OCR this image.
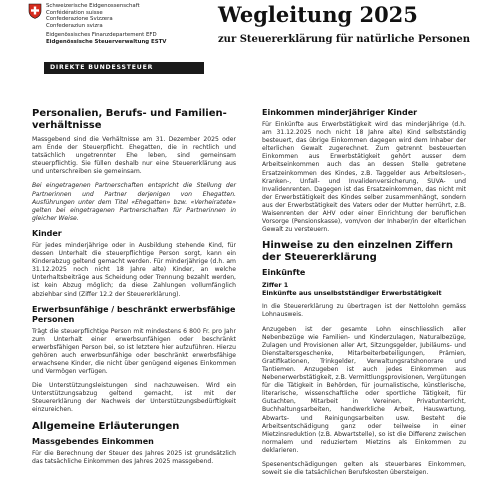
Schweizerische Eidgenossenschaft
Confédération suisse
Confederazione Svizzera
Confederaziun svizra
Eidgenössisches Finanzdepartement EFD
Eidgenössische Steuerverwaltung ESTV
Wegleitung 2025
zur Steuererklärung für natürliche Personen
DIREKTE BUNDESSTEUER
Personalien, Berufs- und Familienverhältnisse

Massgebend sind die Verhältnisse am 31. Dezember 2025 oder am Ende der Steuerpflicht. Ehegatten, die in rechtlich und tatsächlich ungetrennter Ehe leben, sind gemeinsam steuerpflichtig. Sie füllen deshalb nur eine Steuererklärung aus und unterschreiben sie gemeinsam.

Bei eingetragenen Partnerschaften entspricht die Stellung der Partnerinnen und Partner derjenigen von Ehegatten. Ausführungen unter dem Titel «Ehegatten» bzw. «Verheiratete» gelten bei eingetragenen Partnerschaften für Partnerinnen in gleicher Weise.

Kinder

Für jedes minderjährige oder in Ausbildung stehende Kind, für dessen Unterhalt die steuerpflichtige Person sorgt, kann ein Kinderabzug geltend gemacht werden. Für minderjährige (d.h. am 31.12.2025 noch nicht 18 Jahre alte) Kinder, an welche Unterhaltsbeiträge aus Scheidung oder Trennung bezahlt werden, ist kein Abzug möglich; da diese Zahlungen vollumfänglich abziehbar sind (Ziffer 12.2 der Steuererklärung).

Erwerbsunfähige / beschränkt erwerbsfähige Personen

Trägt die steuerpflichtige Person mit mindestens 6 800 Fr. pro Jahr zum Unterhalt einer erwerbsunfähigen oder beschränkt erwerbsfähigen Person bei, so ist letztere hier aufzuführen. Hierzu gehören auch erwerbsunfähige oder beschränkt erwerbsfähige erwachsene Kinder, die nicht über genügend eigenes Einkommen und Vermögen verfügen.

Die Unterstützungsleistungen sind nachzuweisen. Wird ein Unterstützungsabzug geltend gemacht, ist mit der Steuererklärung der Nachweis der Unterstützungsbedürftigkeit einzureichen.

Allgemeine Erläuterungen
Massgebendes Einkommen

Für die Berechnung der Steuer des Jahres 2025 ist grundsätzlich das tatsächliche Einkommen des Jahres 2025 massgebend.

Einkommen minderjähriger Kinder

Für Einkünfte aus Erwerbstätigkeit wird das minderjährige (d.h. am 31.12.2025 noch nicht 18 Jahre alte) Kind selbstständig besteuert, das übrige Einkommen dagegen wird dem Inhaber der elterlichen Gewalt zugerechnet. Zum getrennt besteuerten Einkommen aus Erwerbstätigkeit gehört ausser dem Arbeitseinkommen auch das an dessen Stelle getretene Ersatzeinkommen des Kindes, z.B. Taggelder aus Arbeitslosen-, Kranken-, Unfall- und Invalidenversicherung, SUVA- und Invalidenrenten. Dagegen ist das Ersatzeinkommen, das nicht mit der Erwerbstätigkeit des Kindes selber zusammenhängt, sondern aus der Erwerbstätigkeit des Vaters oder der Mutter herrührt, z.B. Waisenrenten der AHV oder einer Einrichtung der beruflichen Vorsorge (Pensionskasse), vom/von der Inhaber/in der elterlichen Gewalt zu versteuern.

Hinweise zu den einzelnen Ziffern der Steuererklärung
Einkünfte
Ziffer 1
Einkünfte aus unselbstständiger Erwerbstätigkeit

In die Steuererklärung zu übertragen ist der Nettolohn gemäss Lohnausweis.

Anzugeben ist der gesamte Lohn einschliesslich aller Nebenbezüge wie Familien- und Kinderzulagen, Naturalbezüge, Zulagen und Provisionen aller Art, Sitzungsgelder, Jubiläums- und Dienstaltersgeschenke, Mitarbeiterbeteiligungen, Prämien, Gratifikationen, Trinkgelder, Verwaltungsratshonorare und Tantiemen. Anzugeben ist auch jedes Einkommen aus Nebenerwerbstätigkeit, z.B. Vermittlungsprovisionen, Vergütungen für die Tätigkeit in Behörden, für journalistische, künstlerische, literarische, wissenschaftliche oder sportliche Tätigkeit, für Gutachten, Mitarbeit in Vereinen, Privatunterricht, Buchhaltungsarbeiten, handwerkliche Arbeit, Hauswartung, Abwarts- und Reinigungsarbeiten usw. Besteht die Arbeitsentschädigung ganz oder teilweise in einer Mietzinsreduktion (z.B. Abwartstelle), so ist die Differenz zwischen normalem und reduziertem Mietzins als Einkommen zu deklarieren.

Spesenentschädigungen gelten als steuerbares Einkommen, soweit sie die tatsächlichen Berufskosten übersteigen.
